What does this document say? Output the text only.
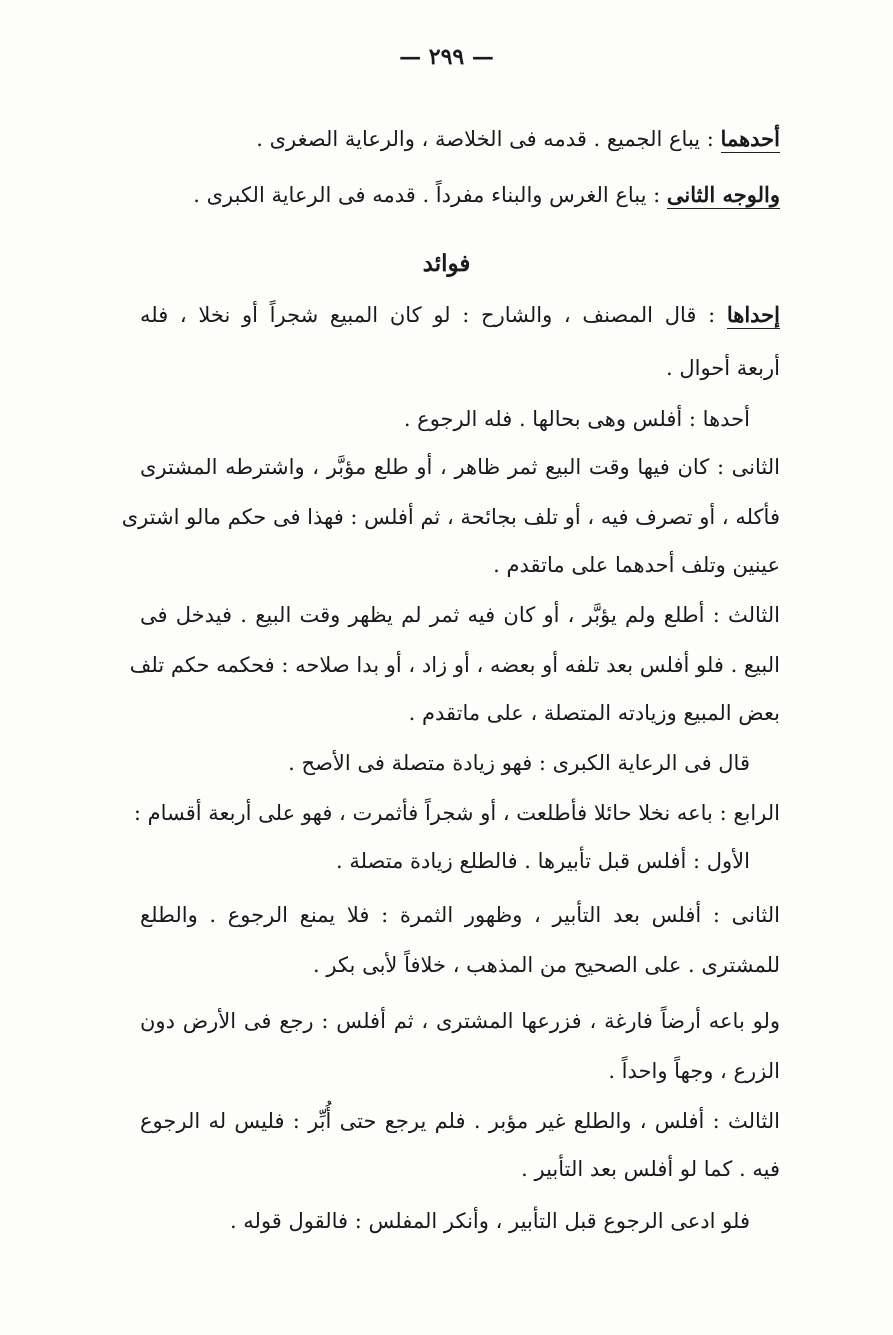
— ٢٩٩ —
أحدهما : يباع الجميع . قدمه فى الخلاصة ، والرعاية الصغرى .
والوجه الثانى : يباع الغرس والبناء مفرداً . قدمه فى الرعاية الكبرى .
فوائد
إحداها : قال المصنف ، والشارح : لو كان المبيع شجراً أو نخلا ، فله
أربعة أحوال .
أحدها : أفلس وهى بحالها . فله الرجوع .
الثانى : كان فيها وقت البيع ثمر ظاهر ، أو طلع مؤبَّر ، واشترطه المشترى
فأكله ، أو تصرف فيه ، أو تلف بجائحة ، ثم أفلس : فهذا فى حكم مالو اشترى
عينين وتلف أحدهما على ماتقدم .
الثالث : أطلع ولم يؤبَّر ، أو كان فيه ثمر لم يظهر وقت البيع . فيدخل فى
البيع . فلو أفلس بعد تلفه أو بعضه ، أو زاد ، أو بدا صلاحه : فحكمه حكم تلف
بعض المبيع وزيادته المتصلة ، على ماتقدم .
قال فى الرعاية الكبرى : فهو زيادة متصلة فى الأصح .
الرابع : باعه نخلا حائلا فأطلعت ، أو شجراً فأثمرت ، فهو على أربعة أقسام :
الأول : أفلس قبل تأبيرها . فالطلع زيادة متصلة .
الثانى : أفلس بعد التأبير ، وظهور الثمرة : فلا يمنع الرجوع . والطلع
للمشترى . على الصحيح من المذهب ، خلافاً لأبى بكر .
ولو باعه أرضاً فارغة ، فزرعها المشترى ، ثم أفلس : رجع فى الأرض دون
الزرع ، وجهاً واحداً .
الثالث : أفلس ، والطلع غير مؤبر . فلم يرجع حتى أُبِّر : فليس له الرجوع
فيه . كما لو أفلس بعد التأبير .
فلو ادعى الرجوع قبل التأبير ، وأنكر المفلس : فالقول قوله .
